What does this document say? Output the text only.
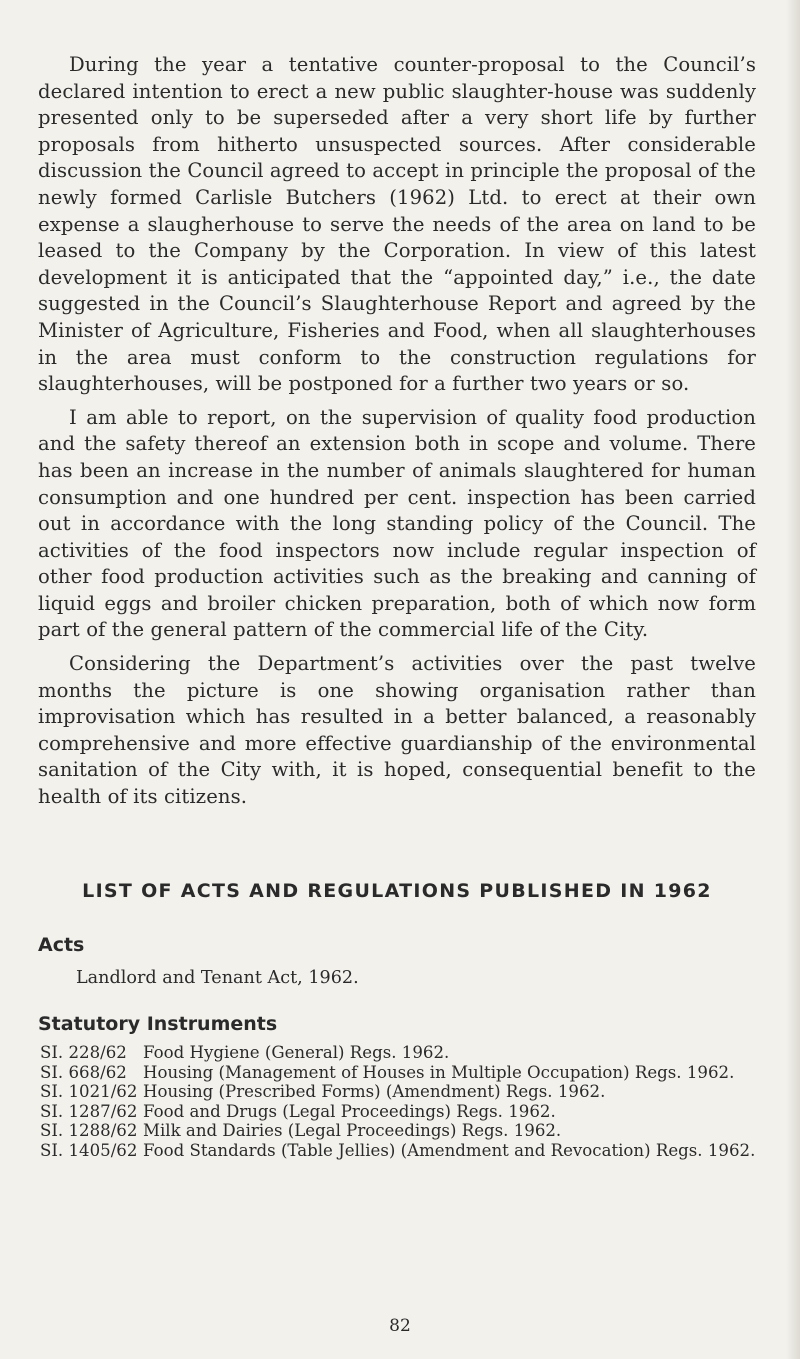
During the year a tentative counter-proposal to the Council’s declared intention to erect a new public slaughter-house was suddenly presented only to be superseded after a very short life by further proposals from hitherto unsuspected sources. After considerable discussion the Council agreed to accept in principle the proposal of the newly formed Carlisle Butchers (1962) Ltd. to erect at their own expense a slaugherhouse to serve the needs of the area on land to be leased to the Company by the Corporation. In view of this latest development it is anticipated that the “appointed day,” i.e., the date suggested in the Council’s Slaughterhouse Report and agreed by the Minister of Agriculture, Fisheries and Food, when all slaughterhouses in the area must conform to the construction regulations for slaughterhouses, will be postponed for a further two years or so.

I am able to report, on the supervision of quality food production and the safety thereof an extension both in scope and volume. There has been an increase in the number of animals slaughtered for human consumption and one hundred per cent. inspection has been carried out in accordance with the long standing policy of the Council. The activities of the food inspectors now include regular inspection of other food production activities such as the breaking and canning of liquid eggs and broiler chicken preparation, both of which now form part of the general pattern of the commercial life of the City.

Considering the Department’s activities over the past twelve months the picture is one showing organisation rather than improvisation which has resulted in a better balanced, a reasonably comprehensive and more effective guardianship of the environmental sanitation of the City with, it is hoped, consequential benefit to the health of its citizens.

LIST OF ACTS AND REGULATIONS PUBLISHED IN 1962
Acts
Landlord and Tenant Act, 1962.
Statutory Instruments
SI. 228/62 Food Hygiene (General) Regs. 1962.
SI. 668/62 Housing (Management of Houses in Multiple Occupation) Regs. 1962.
SI. 1021/62 Housing (Prescribed Forms) (Amendment) Regs. 1962.
SI. 1287/62 Food and Drugs (Legal Proceedings) Regs. 1962.
SI. 1288/62 Milk and Dairies (Legal Proceedings) Regs. 1962.
SI. 1405/62 Food Standards (Table Jellies) (Amendment and Revocation) Regs. 1962.
82
